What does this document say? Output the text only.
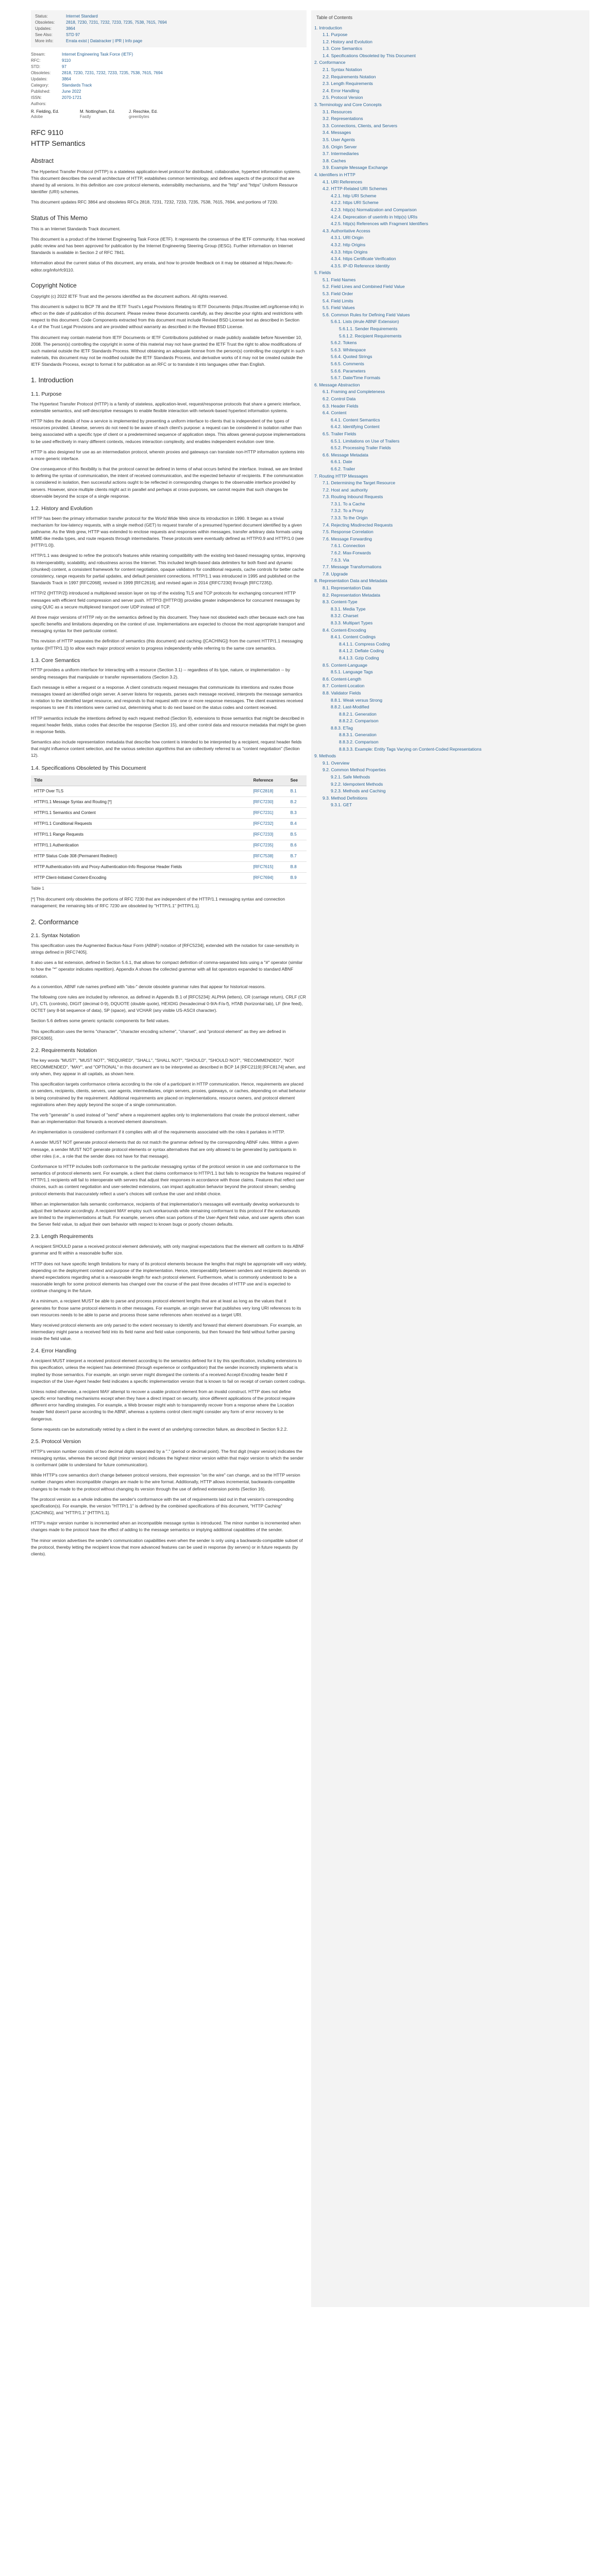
Status:	Internet Standard
Obsoletes:	2818, 7230, 7231, 7232, 7233, 7235, 7538, 7615, 7694
Updates:	3864
See Also:	STD 97
More info:	Errata exist | Datatracker | IPR | Info page
Stream:	Internet Engineering Task Force (IETF)
RFC:	9110
STD:	97
Obsoletes:	2818, 7230, 7231, 7232, 7233, 7235, 7538, 7615, 7694
Updates:	3864
Category:	Standards Track
Published:	June 2022
ISSN:	2070-1721
Authors:
R. Fielding, Ed.
Adobe
M. Nottingham, Ed.
Fastly
J. Reschke, Ed.
greenbytes
RFC 9110
HTTP Semantics
Abstract

The Hypertext Transfer Protocol (HTTP) is a stateless application-level protocol for distributed, collaborative, hypertext information systems. This document describes the overall architecture of HTTP, establishes common terminology, and defines aspects of the protocol that are shared by all versions. In this definition are core protocol elements, extensibility mechanisms, and the "http" and "https" Uniform Resource Identifier (URI) schemes.

This document updates RFC 3864 and obsoletes RFCs 2818, 7231, 7232, 7233, 7235, 7538, 7615, 7694, and portions of 7230.

Status of This Memo

This is an Internet Standards Track document.

This document is a product of the Internet Engineering Task Force (IETF). It represents the consensus of the IETF community. It has received public review and has been approved for publication by the Internet Engineering Steering Group (IESG). Further information on Internet Standards is available in Section 2 of RFC 7841.

Information about the current status of this document, any errata, and how to provide feedback on it may be obtained at https://www.rfc-editor.org/info/rfc9110.

Copyright Notice

Copyright (c) 2022 IETF Trust and the persons identified as the document authors. All rights reserved.

This document is subject to BCP 78 and the IETF Trust's Legal Provisions Relating to IETF Documents (https://trustee.ietf.org/license-info) in effect on the date of publication of this document. Please review these documents carefully, as they describe your rights and restrictions with respect to this document. Code Components extracted from this document must include Revised BSD License text as described in Section 4.e of the Trust Legal Provisions and are provided without warranty as described in the Revised BSD License.

This document may contain material from IETF Documents or IETF Contributions published or made publicly available before November 10, 2008. The person(s) controlling the copyright in some of this material may not have granted the IETF Trust the right to allow modifications of such material outside the IETF Standards Process. Without obtaining an adequate license from the person(s) controlling the copyright in such materials, this document may not be modified outside the IETF Standards Process, and derivative works of it may not be created outside the IETF Standards Process, except to format it for publication as an RFC or to translate it into languages other than English.

1. Introduction
1.1. Purpose

The Hypertext Transfer Protocol (HTTP) is a family of stateless, application-level, request/response protocols that share a generic interface, extensible semantics, and self-descriptive messages to enable flexible interaction with network-based hypertext information systems.

HTTP hides the details of how a service is implemented by presenting a uniform interface to clients that is independent of the types of resources provided. Likewise, servers do not need to be aware of each client's purpose: a request can be considered in isolation rather than being associated with a specific type of client or a predetermined sequence of application steps. This allows general-purpose implementations to be used effectively in many different contexts, reduces interaction complexity, and enables independent evolution over time.

HTTP is also designed for use as an intermediation protocol, wherein proxies and gateways can translate non-HTTP information systems into a more generic interface.

One consequence of this flexibility is that the protocol cannot be defined in terms of what occurs behind the interface. Instead, we are limited to defining the syntax of communication, the intent of received communication, and the expected behavior of recipients. If the communication is considered in isolation, then successful actions ought to be reflected in corresponding changes to the observable interface provided by servers. However, since multiple clients might act in parallel and perhaps at cross-purposes, we cannot require that such changes be observable beyond the scope of a single response.

1.2. History and Evolution

HTTP has been the primary information transfer protocol for the World Wide Web since its introduction in 1990. It began as a trivial mechanism for low-latency requests, with a single method (GET) to request transfer of a presumed hypertext document identified by a given pathname. As the Web grew, HTTP was extended to enclose requests and responses within messages, transfer arbitrary data formats using MIME-like media types, and route requests through intermediaries. These protocols were eventually defined as HTTP/0.9 and HTTP/1.0 (see [HTTP/1.0]).

HTTP/1.1 was designed to refine the protocol's features while retaining compatibility with the existing text-based messaging syntax, improving its interoperability, scalability, and robustness across the Internet. This included length-based data delimiters for both fixed and dynamic (chunked) content, a consistent framework for content negotiation, opaque validators for conditional requests, cache controls for better cache consistency, range requests for partial updates, and default persistent connections. HTTP/1.1 was introduced in 1995 and published on the Standards Track in 1997 [RFC2068], revised in 1999 [RFC2616], and revised again in 2014 ([RFC7230] through [RFC7235]).

HTTP/2 ([HTTP/2]) introduced a multiplexed session layer on top of the existing TLS and TCP protocols for exchanging concurrent HTTP messages with efficient field compression and server push. HTTP/3 ([HTTP/3]) provides greater independence for concurrent messages by using QUIC as a secure multiplexed transport over UDP instead of TCP.

All three major versions of HTTP rely on the semantics defined by this document. They have not obsoleted each other because each one has specific benefits and limitations depending on the context of use. Implementations are expected to choose the most appropriate transport and messaging syntax for their particular context.

This revision of HTTP separates the definition of semantics (this document) and caching ([CACHING]) from the current HTTP/1.1 messaging syntax ([HTTP/1.1]) to allow each major protocol version to progress independently while referring to the same core semantics.

1.3. Core Semantics

HTTP provides a uniform interface for interacting with a resource (Section 3.1) -- regardless of its type, nature, or implementation -- by sending messages that manipulate or transfer representations (Section 3.2).

Each message is either a request or a response. A client constructs request messages that communicate its intentions and routes those messages toward an identified origin server. A server listens for requests, parses each message received, interprets the message semantics in relation to the identified target resource, and responds to that request with one or more response messages. The client examines received responses to see if its intentions were carried out, determining what to do next based on the status codes and content received.

HTTP semantics include the intentions defined by each request method (Section 9), extensions to those semantics that might be described in request header fields, status codes that describe the response (Section 15), and other control data and resource metadata that might be given in response fields.

Semantics also include representation metadata that describe how content is intended to be interpreted by a recipient, request header fields that might influence content selection, and the various selection algorithms that are collectively referred to as "content negotiation" (Section 12).

1.4. Specifications Obsoleted by This Document
Title	Reference	See
HTTP Over TLS	[RFC2818]	B.1
HTTP/1.1 Message Syntax and Routing [*]	[RFC7230]	B.2
HTTP/1.1 Semantics and Content	[RFC7231]	B.3
HTTP/1.1 Conditional Requests	[RFC7232]	B.4
HTTP/1.1 Range Requests	[RFC7233]	B.5
HTTP/1.1 Authentication	[RFC7235]	B.6
HTTP Status Code 308 (Permanent Redirect)	[RFC7538]	B.7
HTTP Authentication-Info and Proxy-Authentication-Info Response Header Fields	[RFC7615]	B.8
HTTP Client-Initiated Content-Encoding	[RFC7694]	B.9
Table 1

[*] This document only obsoletes the portions of RFC 7230 that are independent of the HTTP/1.1 messaging syntax and connection management; the remaining bits of RFC 7230 are obsoleted by "HTTP/1.1" [HTTP/1.1].

2. Conformance
2.1. Syntax Notation

This specification uses the Augmented Backus-Naur Form (ABNF) notation of [RFC5234], extended with the notation for case-sensitivity in strings defined in [RFC7405].

It also uses a list extension, defined in Section 5.6.1, that allows for compact definition of comma-separated lists using a "#" operator (similar to how the "*" operator indicates repetition). Appendix A shows the collected grammar with all list operators expanded to standard ABNF notation.

As a convention, ABNF rule names prefixed with "obs-" denote obsolete grammar rules that appear for historical reasons.

The following core rules are included by reference, as defined in Appendix B.1 of [RFC5234]: ALPHA (letters), CR (carriage return), CRLF (CR LF), CTL (controls), DIGIT (decimal 0-9), DQUOTE (double quote), HEXDIG (hexadecimal 0-9/A-F/a-f), HTAB (horizontal tab), LF (line feed), OCTET (any 8-bit sequence of data), SP (space), and VCHAR (any visible US-ASCII character).

Section 5.6 defines some generic syntactic components for field values.

This specification uses the terms "character", "character encoding scheme", "charset", and "protocol element" as they are defined in [RFC6365].

2.2. Requirements Notation

The key words "MUST", "MUST NOT", "REQUIRED", "SHALL", "SHALL NOT", "SHOULD", "SHOULD NOT", "RECOMMENDED", "NOT RECOMMENDED", "MAY", and "OPTIONAL" in this document are to be interpreted as described in BCP 14 [RFC2119] [RFC8174] when, and only when, they appear in all capitals, as shown here.

This specification targets conformance criteria according to the role of a participant in HTTP communication. Hence, requirements are placed on senders, recipients, clients, servers, user agents, intermediaries, origin servers, proxies, gateways, or caches, depending on what behavior is being constrained by the requirement. Additional requirements are placed on implementations, resource owners, and protocol element registrations when they apply beyond the scope of a single communication.

The verb "generate" is used instead of "send" where a requirement applies only to implementations that create the protocol element, rather than an implementation that forwards a received element downstream.

An implementation is considered conformant if it complies with all of the requirements associated with the roles it partakes in HTTP.

A sender MUST NOT generate protocol elements that do not match the grammar defined by the corresponding ABNF rules. Within a given message, a sender MUST NOT generate protocol elements or syntax alternatives that are only allowed to be generated by participants in other roles (i.e., a role that the sender does not have for that message).

Conformance to HTTP includes both conformance to the particular messaging syntax of the protocol version in use and conformance to the semantics of protocol elements sent. For example, a client that claims conformance to HTTP/1.1 but fails to recognize the features required of HTTP/1.1 recipients will fail to interoperate with servers that adjust their responses in accordance with those claims. Features that reflect user choices, such as content negotiation and user-selected extensions, can impact application behavior beyond the protocol stream; sending protocol elements that inaccurately reflect a user's choices will confuse the user and inhibit choice.

When an implementation fails semantic conformance, recipients of that implementation's messages will eventually develop workarounds to adjust their behavior accordingly. A recipient MAY employ such workarounds while remaining conformant to this protocol if the workarounds are limited to the implementations at fault. For example, servers often scan portions of the User-Agent field value, and user agents often scan the Server field value, to adjust their own behavior with respect to known bugs or poorly chosen defaults.

2.3. Length Requirements

A recipient SHOULD parse a received protocol element defensively, with only marginal expectations that the element will conform to its ABNF grammar and fit within a reasonable buffer size.

HTTP does not have specific length limitations for many of its protocol elements because the lengths that might be appropriate will vary widely, depending on the deployment context and purpose of the implementation. Hence, interoperability between senders and recipients depends on shared expectations regarding what is a reasonable length for each protocol element. Furthermore, what is commonly understood to be a reasonable length for some protocol elements has changed over the course of the past three decades of HTTP use and is expected to continue changing in the future.

At a minimum, a recipient MUST be able to parse and process protocol element lengths that are at least as long as the values that it generates for those same protocol elements in other messages. For example, an origin server that publishes very long URI references to its own resources needs to be able to parse and process those same references when received as a target URI.

Many received protocol elements are only parsed to the extent necessary to identify and forward that element downstream. For example, an intermediary might parse a received field into its field name and field value components, but then forward the field without further parsing inside the field value.

2.4. Error Handling

A recipient MUST interpret a received protocol element according to the semantics defined for it by this specification, including extensions to this specification, unless the recipient has determined (through experience or configuration) that the sender incorrectly implements what is implied by those semantics. For example, an origin server might disregard the contents of a received Accept-Encoding header field if inspection of the User-Agent header field indicates a specific implementation version that is known to fail on receipt of certain content codings.

Unless noted otherwise, a recipient MAY attempt to recover a usable protocol element from an invalid construct. HTTP does not define specific error handling mechanisms except when they have a direct impact on security, since different applications of the protocol require different error handling strategies. For example, a Web browser might wish to transparently recover from a response where the Location header field doesn't parse according to the ABNF, whereas a systems control client might consider any form of error recovery to be dangerous.

Some requests can be automatically retried by a client in the event of an underlying connection failure, as described in Section 9.2.2.

2.5. Protocol Version

HTTP's version number consists of two decimal digits separated by a "." (period or decimal point). The first digit (major version) indicates the messaging syntax, whereas the second digit (minor version) indicates the highest minor version within that major version to which the sender is conformant (able to understand for future communication).

While HTTP's core semantics don't change between protocol versions, their expression "on the wire" can change, and so the HTTP version number changes when incompatible changes are made to the wire format. Additionally, HTTP allows incremental, backwards-compatible changes to be made to the protocol without changing its version through the use of defined extension points (Section 16).

The protocol version as a whole indicates the sender's conformance with the set of requirements laid out in that version's corresponding specification(s). For example, the version "HTTP/1.1" is defined by the combined specifications of this document, "HTTP Caching" [CACHING], and "HTTP/1.1" [HTTP/1.1].

HTTP's major version number is incremented when an incompatible message syntax is introduced. The minor number is incremented when changes made to the protocol have the effect of adding to the message semantics or implying additional capabilities of the sender.

The minor version advertises the sender's communication capabilities even when the sender is only using a backwards-compatible subset of the protocol, thereby letting the recipient know that more advanced features can be used in response (by servers) or in future requests (by clients).

Table of Contents
1. Introduction
1.1. Purpose
1.2. History and Evolution
1.3. Core Semantics
1.4. Specifications Obsoleted by This Document
2. Conformance
2.1. Syntax Notation
2.2. Requirements Notation
2.3. Length Requirements
2.4. Error Handling
2.5. Protocol Version
3. Terminology and Core Concepts
3.1. Resources
3.2. Representations
3.3. Connections, Clients, and Servers
3.4. Messages
3.5. User Agents
3.6. Origin Server
3.7. Intermediaries
3.8. Caches
3.9. Example Message Exchange
4. Identifiers in HTTP
4.1. URI References
4.2. HTTP-Related URI Schemes
4.2.1. http URI Scheme
4.2.2. https URI Scheme
4.2.3. http(s) Normalization and Comparison
4.2.4. Deprecation of userinfo in http(s) URIs
4.2.5. http(s) References with Fragment Identifiers
4.3. Authoritative Access
4.3.1. URI Origin
4.3.2. http Origins
4.3.3. https Origins
4.3.4. https Certificate Verification
4.3.5. IP-ID Reference Identity
5. Fields
5.1. Field Names
5.2. Field Lines and Combined Field Value
5.3. Field Order
5.4. Field Limits
5.5. Field Values
5.6. Common Rules for Defining Field Values
5.6.1. Lists (#rule ABNF Extension)
5.6.1.1. Sender Requirements
5.6.1.2. Recipient Requirements
5.6.2. Tokens
5.6.3. Whitespace
5.6.4. Quoted Strings
5.6.5. Comments
5.6.6. Parameters
5.6.7. Date/Time Formats
6. Message Abstraction
6.1. Framing and Completeness
6.2. Control Data
6.3. Header Fields
6.4. Content
6.4.1. Content Semantics
6.4.2. Identifying Content
6.5. Trailer Fields
6.5.1. Limitations on Use of Trailers
6.5.2. Processing Trailer Fields
6.6. Message Metadata
6.6.1. Date
6.6.2. Trailer
7. Routing HTTP Messages
7.1. Determining the Target Resource
7.2. Host and :authority
7.3. Routing Inbound Requests
7.3.1. To a Cache
7.3.2. To a Proxy
7.3.3. To the Origin
7.4. Rejecting Misdirected Requests
7.5. Response Correlation
7.6. Message Forwarding
7.6.1. Connection
7.6.2. Max-Forwards
7.6.3. Via
7.7. Message Transformations
7.8. Upgrade
8. Representation Data and Metadata
8.1. Representation Data
8.2. Representation Metadata
8.3. Content-Type
8.3.1. Media Type
8.3.2. Charset
8.3.3. Multipart Types
8.4. Content-Encoding
8.4.1. Content Codings
8.4.1.1. Compress Coding
8.4.1.2. Deflate Coding
8.4.1.3. Gzip Coding
8.5. Content-Language
8.5.1. Language Tags
8.6. Content-Length
8.7. Content-Location
8.8. Validator Fields
8.8.1. Weak versus Strong
8.8.2. Last-Modified
8.8.2.1. Generation
8.8.2.2. Comparison
8.8.3. ETag
8.8.3.1. Generation
8.8.3.2. Comparison
8.8.3.3. Example: Entity Tags Varying on Content-Coded Representations
9. Methods
9.1. Overview
9.2. Common Method Properties
9.2.1. Safe Methods
9.2.2. Idempotent Methods
9.2.3. Methods and Caching
9.3. Method Definitions
9.3.1. GET
